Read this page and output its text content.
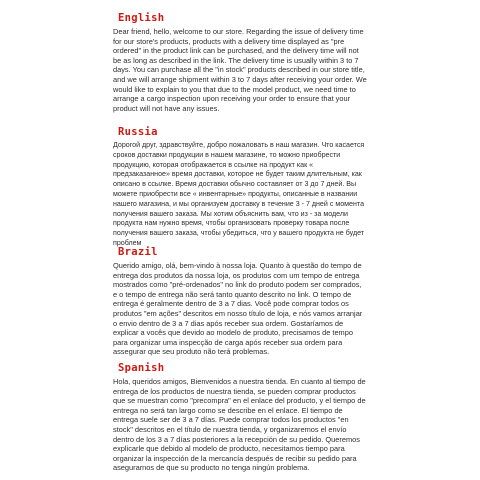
English

Dear friend, hello, welcome to our store. Regarding the issue of delivery time for our store's products, products with a delivery time displayed as "pre ordered" in the product link can be purchased, and the delivery time will not be as long as described in the link. The delivery time is usually within 3 to 7 days. You can purchase all the "in stock" products described in our store title, and we will arrange shipment within 3 to 7 days after receiving your order. We would like to explain to you that due to the model product, we need time to arrange a cargo inspection upon receiving your order to ensure that your product will not have any issues.

Russia

Дорогой друг, здравствуйте, добро пожаловать в наш магазин. Что касается сроков доставки продукции в нашем магазине, то можно приобрести продукцию, которая отображается в ссылке на продукт как « предзаказанное» время доставки, которое не будет таким длительным, как описано в ссылке. Время доставки обычно составляет от 3 до 7 дней. Вы можете приобрести все « инвентарные» продукты, описанные в названии нашего магазина, и мы организуем доставку в течение 3 - 7 дней с момента получения вашего заказа. Мы хотим объяснить вам, что из - за модели продукта нам нужно время, чтобы организовать проверку товара после получения вашего заказа, чтобы убедиться, что у вашего продукта не будет проблем

Brazil

Querido amigo, olá, bem-vindo à nossa loja. Quanto à questão do tempo de entrega dos produtos da nossa loja, os produtos com um tempo de entrega mostrados como "pré-ordenados" no link do produto podem ser comprados, e o tempo de entrega não será tanto quanto descrito no link. O tempo de entrega é geralmente dentro de 3 a 7 dias. Você pode comprar todos os produtos "em ações" descritos em nosso título de loja, e nós vamos arranjar o envio dentro de 3 a 7 dias após receber sua ordem. Gostaríamos de explicar a vocês que devido ao modelo de produto, precisamos de tempo para organizar uma inspecção de carga após receber sua ordem para assegurar que seu produto não terá problemas.

Spanish

Hola, queridos amigos, Bienvenidos a nuestra tienda. En cuanto al tiempo de entrega de los productos de nuestra tienda, se pueden comprar productos que se muestran como "precompra" en el enlace del producto, y el tiempo de entrega no será tan largo como se describe en el enlace. El tiempo de entrega suele ser de 3 a 7 días. Puede comprar todos los productos "en stock" descritos en el título de nuestra tienda, y organizaremos el envío dentro de los 3 a 7 días posteriores a la recepción de su pedido. Queremos explicarle que debido al modelo de producto, necesitamos tiempo para organizar la inspección de la mercancía después de recibir su pedido para asegurarnos de que su producto no tenga ningún problema.
